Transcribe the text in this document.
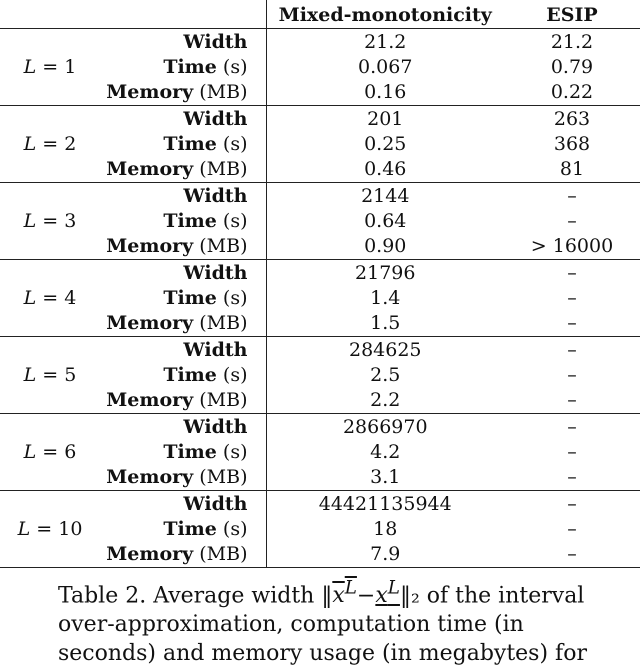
		Mixed-monotonicity	ESIP
L = 1	Width	21.2	21.2
	Time (s)	0.067	0.79
	Memory (MB)	0.16	0.22
L = 2	Width	201	263
	Time (s)	0.25	368
	Memory (MB)	0.46	81
L = 3	Width	2144	–
	Time (s)	0.64	–
	Memory (MB)	0.90	> 16000
L = 4	Width	21796	–
	Time (s)	1.4	–
	Memory (MB)	1.5	–
L = 5	Width	284625	–
	Time (s)	2.5	–
	Memory (MB)	2.2	–
L = 6	Width	2866970	–
	Time (s)	4.2	–
	Memory (MB)	3.1	–
L = 10	Width	44421135944	–
	Time (s)	18	–
	Memory (MB)	7.9	–
Table 2. Average width $‖x^L-x^L‖_2$ of the interval over-approximation, computation time (in seconds) and memory usage (in megabytes) for
